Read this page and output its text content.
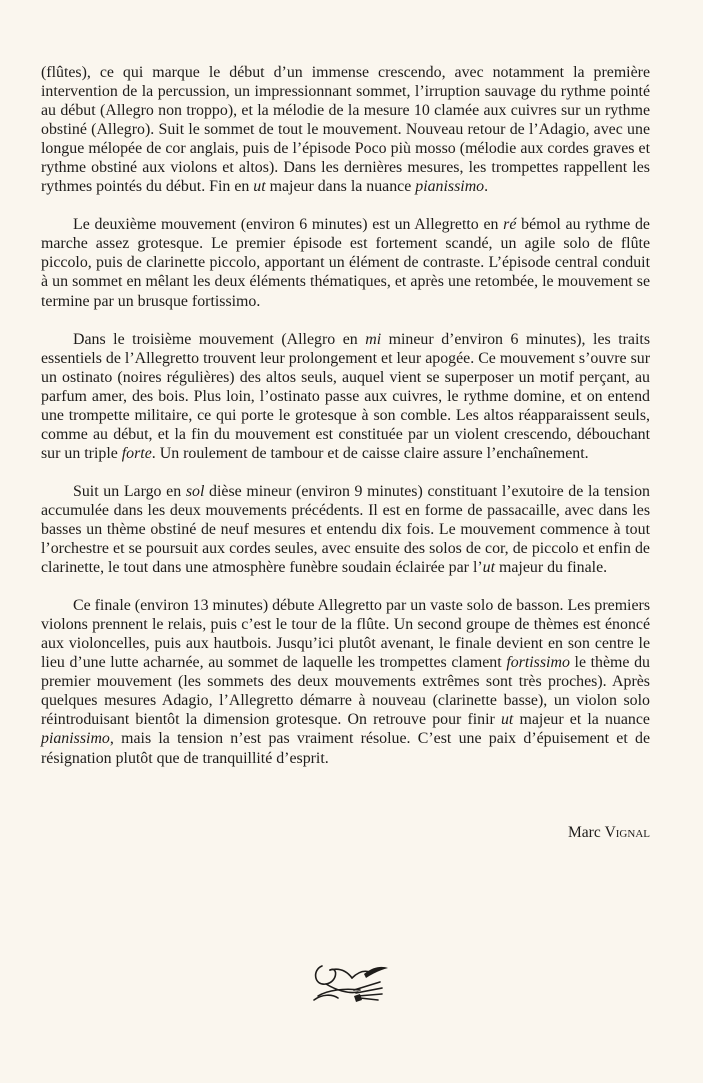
(flûtes), ce qui marque le début d’un immense crescendo, avec notamment la première intervention de la percussion, un impressionnant sommet, l’irruption sauvage du rythme pointé au début (Allegro non troppo), et la mélodie de la mesure 10 clamée aux cuivres sur un rythme obstiné (Allegro). Suit le sommet de tout le mouvement. Nouveau retour de l’Adagio, avec une longue mélopée de cor anglais, puis de l’épisode Poco più mosso (mélodie aux cordes graves et rythme obstiné aux violons et altos). Dans les dernières mesures, les trompettes rappellent les rythmes pointés du début. Fin en ut majeur dans la nuance pianissimo.

Le deuxième mouvement (environ 6 minutes) est un Allegretto en ré bémol au rythme de marche assez grotesque. Le premier épisode est fortement scandé, un agile solo de flûte piccolo, puis de clarinette piccolo, apportant un élément de contraste. L’épisode central conduit à un sommet en mêlant les deux éléments thématiques, et après une retombée, le mouvement se termine par un brusque fortissimo.

Dans le troisième mouvement (Allegro en mi mineur d’environ 6 minutes), les traits essentiels de l’Allegretto trouvent leur prolongement et leur apogée. Ce mouvement s’ouvre sur un ostinato (noires régulières) des altos seuls, auquel vient se superposer un motif perçant, au parfum amer, des bois. Plus loin, l’ostinato passe aux cuivres, le rythme domine, et on entend une trompette militaire, ce qui porte le grotesque à son comble. Les altos réapparaissent seuls, comme au début, et la fin du mouvement est constituée par un violent crescendo, débouchant sur un triple forte. Un roulement de tambour et de caisse claire assure l’enchaînement.

Suit un Largo en sol dièse mineur (environ 9 minutes) constituant l’exutoire de la tension accumulée dans les deux mouvements précédents. Il est en forme de passacaille, avec dans les basses un thème obstiné de neuf mesures et entendu dix fois. Le mouvement commence à tout l’orchestre et se poursuit aux cordes seules, avec ensuite des solos de cor, de piccolo et enfin de clarinette, le tout dans une atmosphère funèbre soudain éclairée par l’ut majeur du finale.

Ce finale (environ 13 minutes) débute Allegretto par un vaste solo de basson. Les premiers violons prennent le relais, puis c’est le tour de la flûte. Un second groupe de thèmes est énoncé aux violoncelles, puis aux hautbois. Jusqu’ici plutôt avenant, le finale devient en son centre le lieu d’une lutte acharnée, au sommet de laquelle les trompettes clament fortissimo le thème du premier mouvement (les sommets des deux mouvements extrêmes sont très proches). Après quelques mesures Adagio, l’Allegretto démarre à nouveau (clarinette basse), un violon solo réintroduisant bientôt la dimension grotesque. On retrouve pour finir ut majeur et la nuance pianissimo, mais la tension n’est pas vraiment résolue. C’est une paix d’épuisement et de résignation plutôt que de tranquillité d’esprit.

Marc Vignal
